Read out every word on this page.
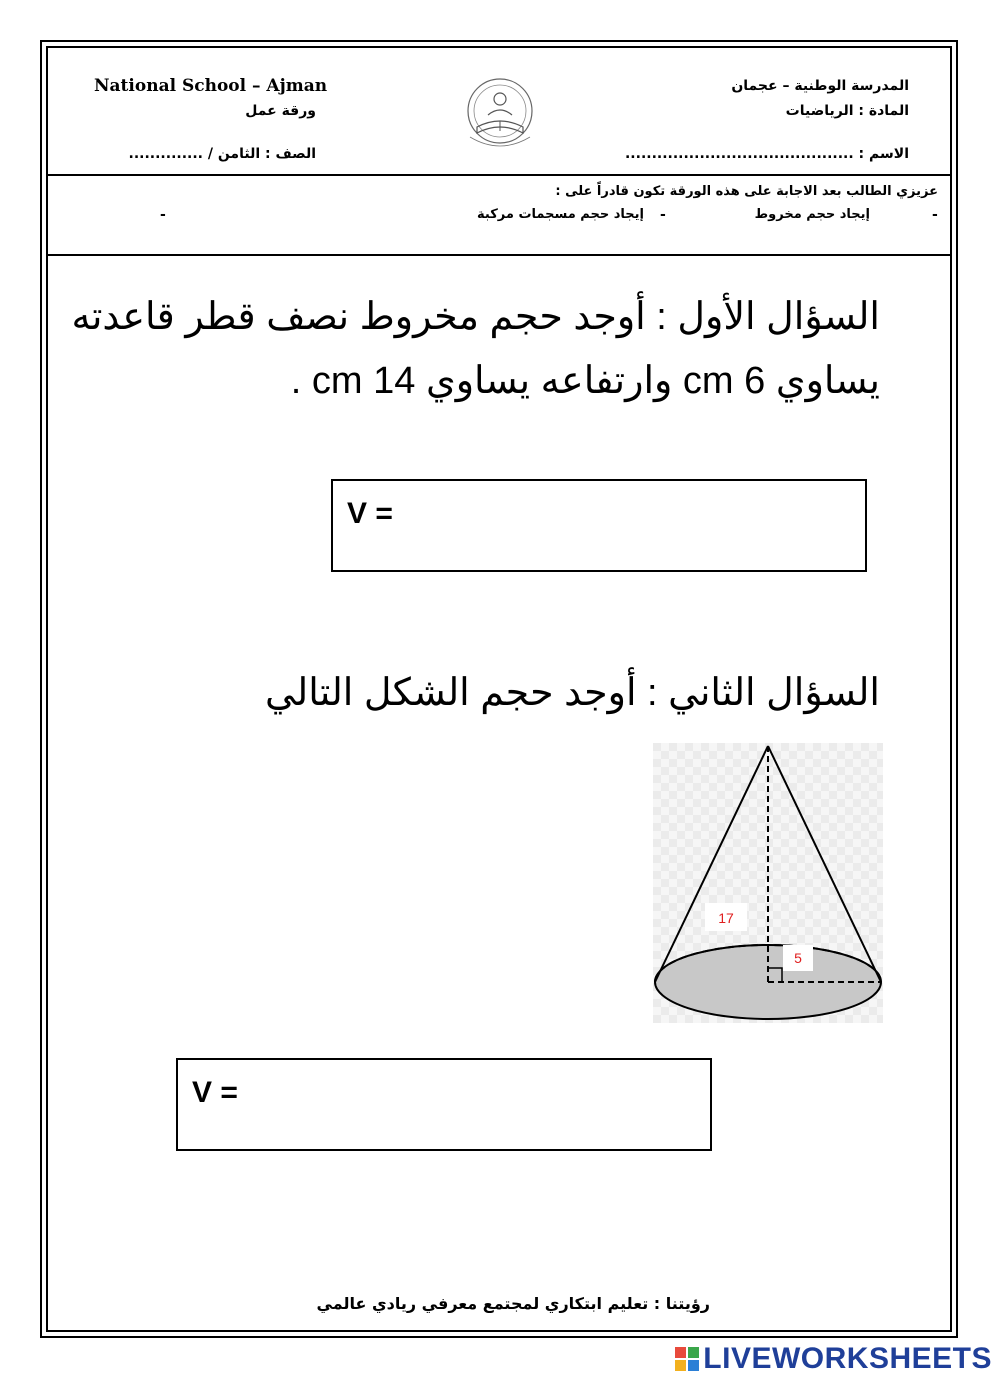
National School – Ajman
ورقة عمل
الصف : الثامن / ..............
المدرسة الوطنية – عجمان
المادة : الرياضيات
الاسم : ...........................................
عزيزي الطالب بعد الاجابة على هذه الورقة تكون قادراً على :
-
إيجاد حجم مخروط
-
إيجاد حجم مسجمات مركبة
-
السؤال الأول : أوجد حجم مخروط نصف قطر قاعدته
يساوي 6 cm وارتفاعه يساوي 14 cm .
V =
السؤال الثاني : أوجد حجم الشكل التالي
17
5
V =
رؤيتنا : تعليم ابتكاري لمجتمع معرفي ريادي عالمي
LIVEWORKSHEETS
